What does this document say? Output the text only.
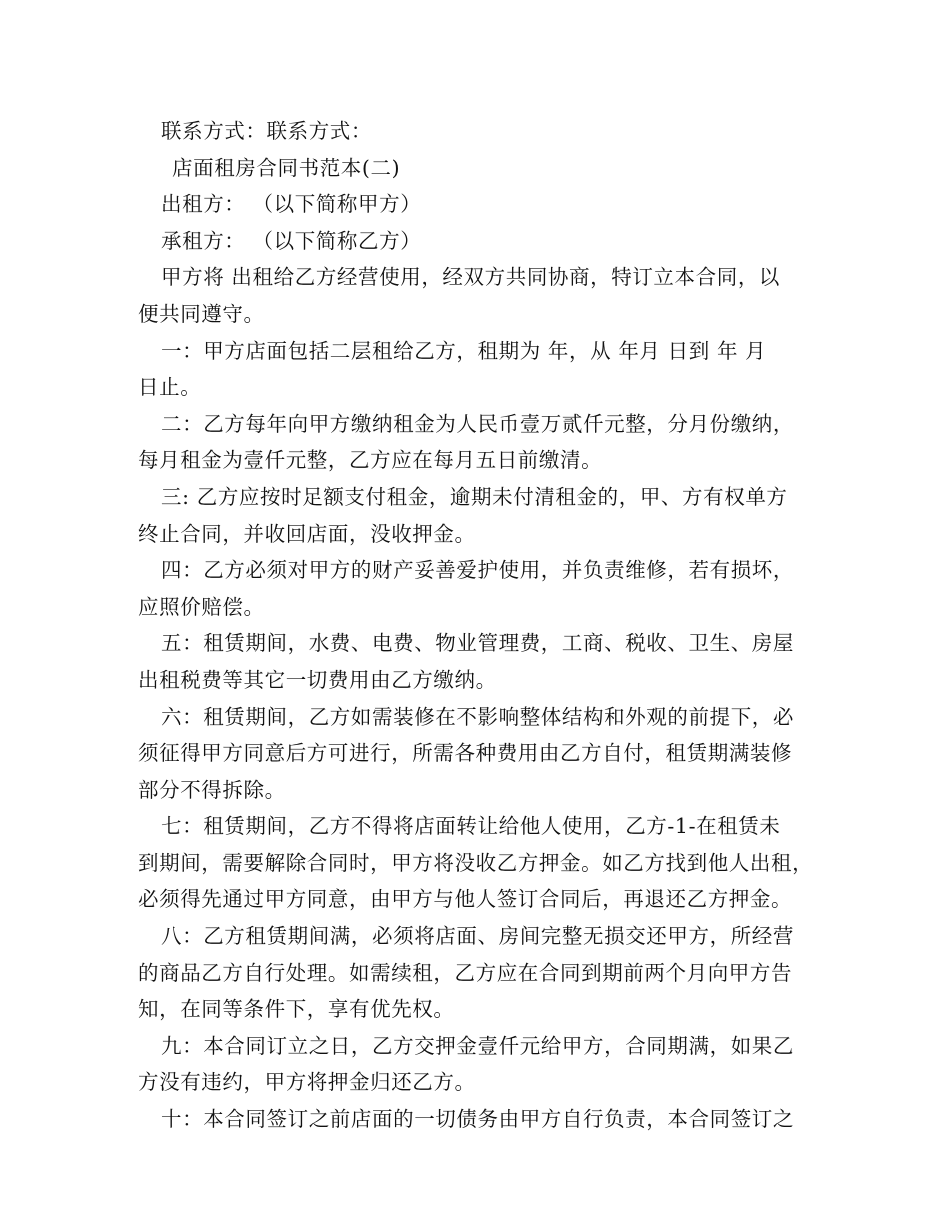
联系方式：联系方式：
店面租房合同书范本(二)
出租方： （以下简称甲方）
承租方： （以下简称乙方）
甲方将 出租给乙方经营使用，经双方共同协商，特订立本合同，以
便共同遵守。
一：甲方店面包括二层租给乙方，租期为 年，从 年月 日到 年 月
日止。
二：乙方每年向甲方缴纳租金为人民币壹万贰仟元整，分月份缴纳，
每月租金为壹仟元整，乙方应在每月五日前缴清。
三: 乙方应按时足额支付租金，逾期未付清租金的，甲、方有权单方
终止合同，并收回店面，没收押金。
四：乙方必须对甲方的财产妥善爱护使用，并负责维修，若有损坏，
应照价赔偿。
五：租赁期间，水费、电费、物业管理费，工商、税收、卫生、房屋
出租税费等其它一切费用由乙方缴纳。
六：租赁期间，乙方如需装修在不影响整体结构和外观的前提下，必
须征得甲方同意后方可进行，所需各种费用由乙方自付，租赁期满装修
部分不得拆除。
七：租赁期间，乙方不得将店面转让给他人使用，乙方-1-在租赁未
到期间，需要解除合同时，甲方将没收乙方押金。如乙方找到他人出租，
必须得先通过甲方同意，由甲方与他人签订合同后，再退还乙方押金。
八：乙方租赁期间满，必须将店面、房间完整无损交还甲方，所经营
的商品乙方自行处理。如需续租，乙方应在合同到期前两个月向甲方告
知，在同等条件下，享有优先权。
九：本合同订立之日，乙方交押金壹仟元给甲方，合同期满，如果乙
方没有违约，甲方将押金归还乙方。
十：本合同签订之前店面的一切债务由甲方自行负责，本合同签订之
